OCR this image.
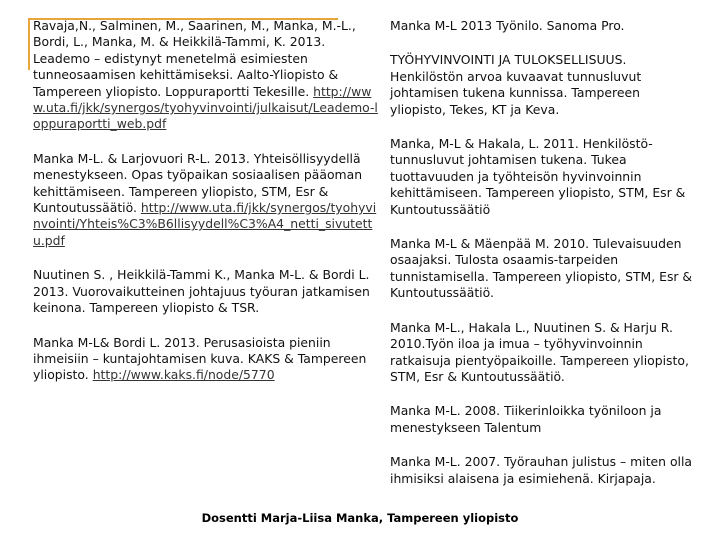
Ravaja,N., Salminen, M., Saarinen, M., Manka, M.-L., Bordi, L., Manka, M. & Heikkilä-Tammi, K. 2013. Leademo – edistynyt menetelmä esimiesten tunneosaamisen kehittämiseksi. Aalto-Yliopisto & Tampereen yliopisto. Loppuraportti Tekesille. http://www.uta.fi/jkk/synergos/tyohyvinvointi/julkaisut/Leademo-loppuraportti_web.pdf

Manka M-L. & Larjovuori R-L. 2013. Yhteisöllisyydellä menestykseen. Opas työpaikan sosiaalisen pääoman kehittämiseen. Tampereen yliopisto, STM, Esr & Kuntoutussäätiö. http://www.uta.fi/jkk/synergos/tyohyvinvointi/Yhteis%C3%B6llisyydell%C3%A4_netti_sivutettu.pdf

Nuutinen S. , Heikkilä-Tammi K., Manka M-L. & Bordi L. 2013. Vuorovaikutteinen johtajuus työuran jatkamisen keinona. Tampereen yliopisto & TSR.

Manka M-L& Bordi L. 2013. Perusasioista pieniin ihmeisiin – kuntajohtamisen kuva. KAKS & Tampereen yliopisto. http://www.kaks.fi/node/5770

Manka M-L 2013 Työnilo. Sanoma Pro.

TYÖHYVINVOINTI JA TULOKSELLISUUS. Henkilöstön arvoa kuvaavat tunnusluvut johtamisen tukena kunnissa. Tampereen yliopisto, Tekes, KT ja Keva.

Manka, M-L & Hakala, L. 2011. Henkilöstö- tunnusluvut johtamisen tukena. Tukea tuottavuuden ja työhteisön hyvinvoinnin kehittämiseen. Tampereen yliopisto, STM, Esr & Kuntoutussäätiö

Manka M-L & Mäenpää M. 2010. Tulevaisuuden osaajaksi. Tulosta osaamis-tarpeiden tunnistamisella. Tampereen yliopisto, STM, Esr & Kuntoutussäätiö.

Manka M-L., Hakala L., Nuutinen S. & Harju R. 2010.Työn iloa ja imua – työhyvinvoinnin ratkaisuja pientyöpaikoille. Tampereen yliopisto, STM, Esr & Kuntoutussäätiö.

Manka M-L. 2008. Tiikerinloikka työniloon ja menestykseen Talentum

Manka M-L. 2007. Työrauhan julistus – miten olla ihmisiksi alaisena ja esimiehenä. Kirjapaja.

Dosentti Marja-Liisa Manka, Tampereen yliopisto
